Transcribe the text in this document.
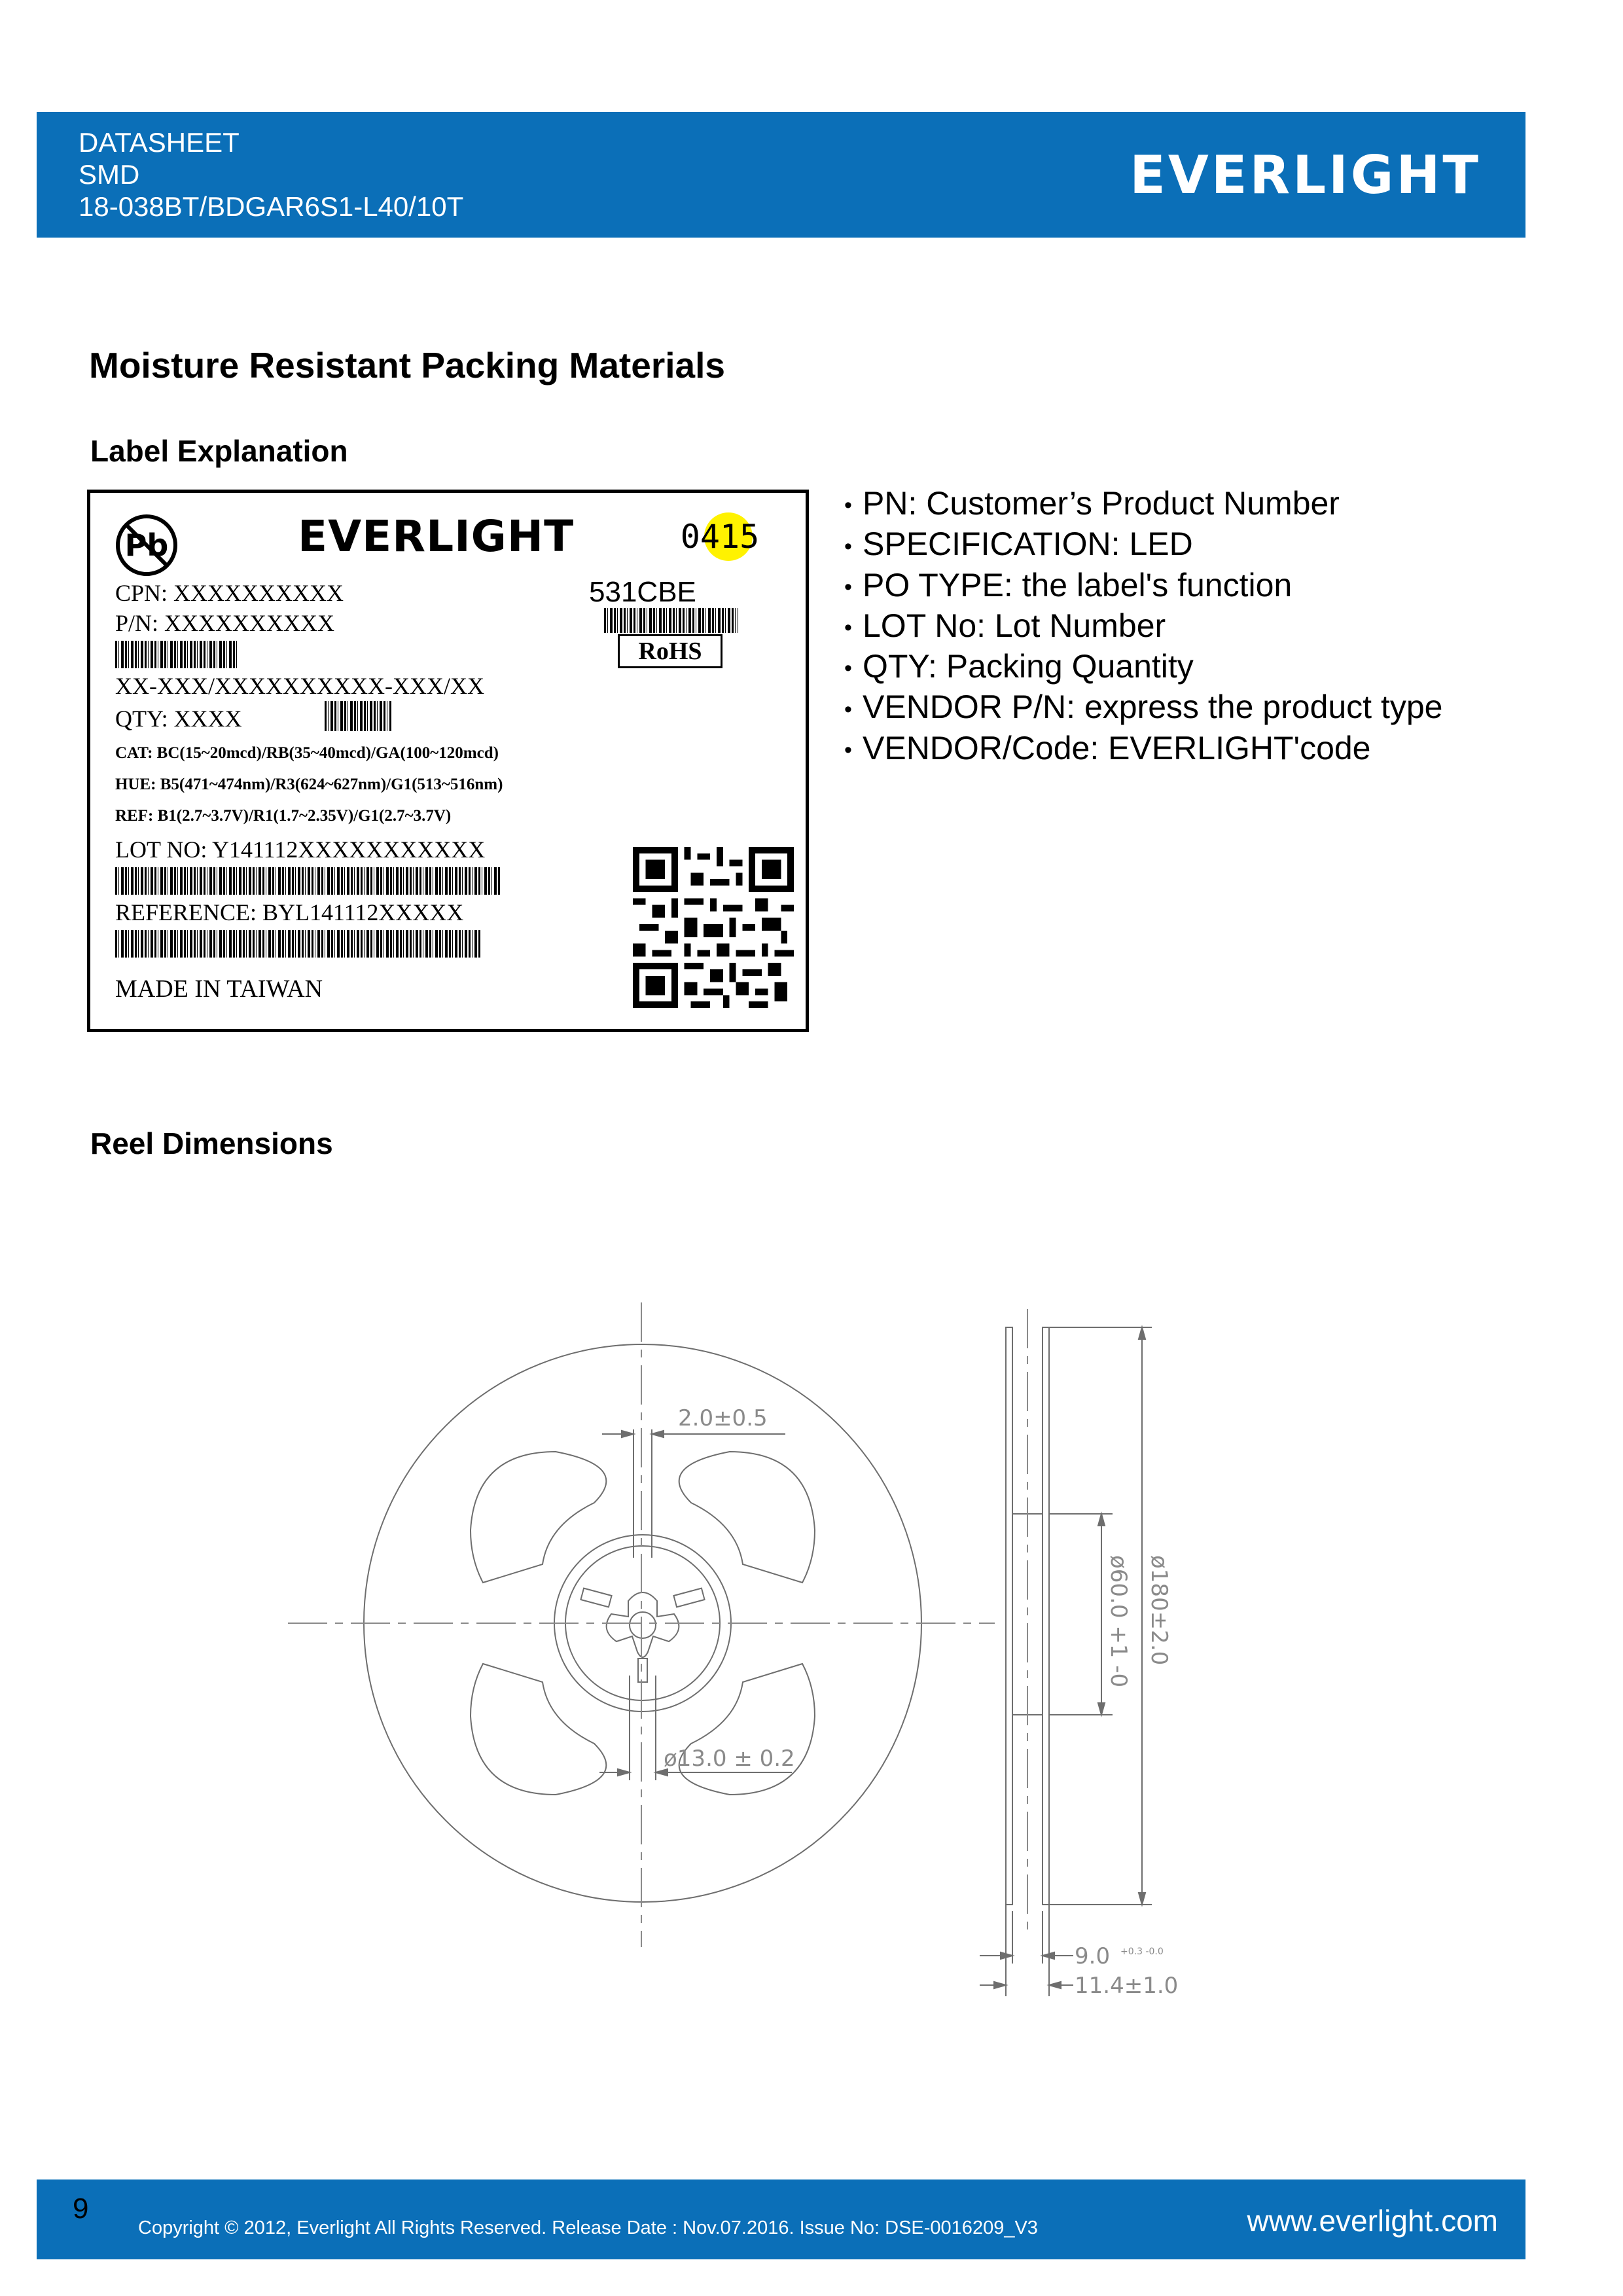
DATASHEET
SMD
18-038BT/BDGAR6S1-L40/10T
EVERLIGHT
Moisture Resistant Packing Materials
Label Explanation
Pb	EVERLIGHT	0415
CPN: XXXXXXXXXX	531CBE
P/N: XXXXXXXXXX
RoHS
XX-XXX/XXXXXXXXXX-XXX/XX
QTY: XXXX
CAT: BC(15~20mcd)/RB(35~40mcd)/GA(100~120mcd)
HUE: B5(471~474nm)/R3(624~627nm)/G1(513~516nm)
REF: B1(2.7~3.7V)/R1(1.7~2.35V)/G1(2.7~3.7V)
LOT NO: Y141112XXXXXXXXXXX
REFERENCE: BYL141112XXXXX
MADE IN TAIWAN
• PN: Customer’s Product Number
• SPECIFICATION: LED
• PO TYPE: the label's function
• LOT No: Lot Number
• QTY: Packing Quantity
• VENDOR P/N: express the product type
• VENDOR/Code: EVERLIGHT'code
Reel Dimensions
2.0±0.5
ø13.0 ± 0.2
ø60.0 +1 -0 ø180±2.0
9.0 +0.3 -0.0
11.4±1.0
9
Copyright © 2012, Everlight All Rights Reserved. Release Date : Nov.07.2016. Issue No: DSE-0016209_V3	www.everlight.com
